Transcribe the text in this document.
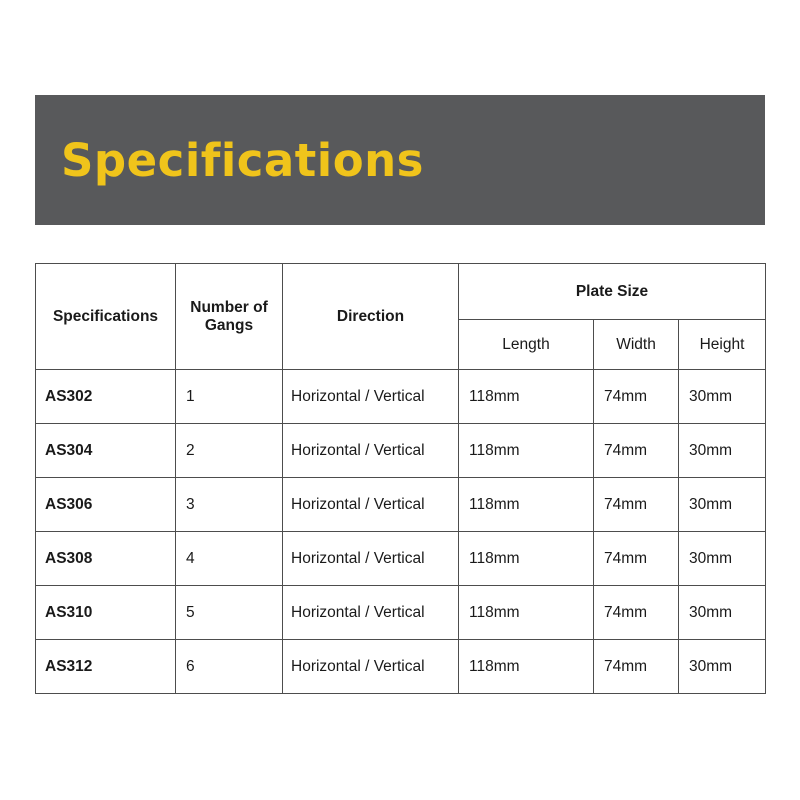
Specifications
Specifications	Number of Gangs	Direction	Plate Size		
			Length	Width	Height
AS302	1	Horizontal / Vertical	118mm	74mm	30mm
AS304	2	Horizontal / Vertical	118mm	74mm	30mm
AS306	3	Horizontal / Vertical	118mm	74mm	30mm
AS308	4	Horizontal / Vertical	118mm	74mm	30mm
AS310	5	Horizontal / Vertical	118mm	74mm	30mm
AS312	6	Horizontal / Vertical	118mm	74mm	30mm
